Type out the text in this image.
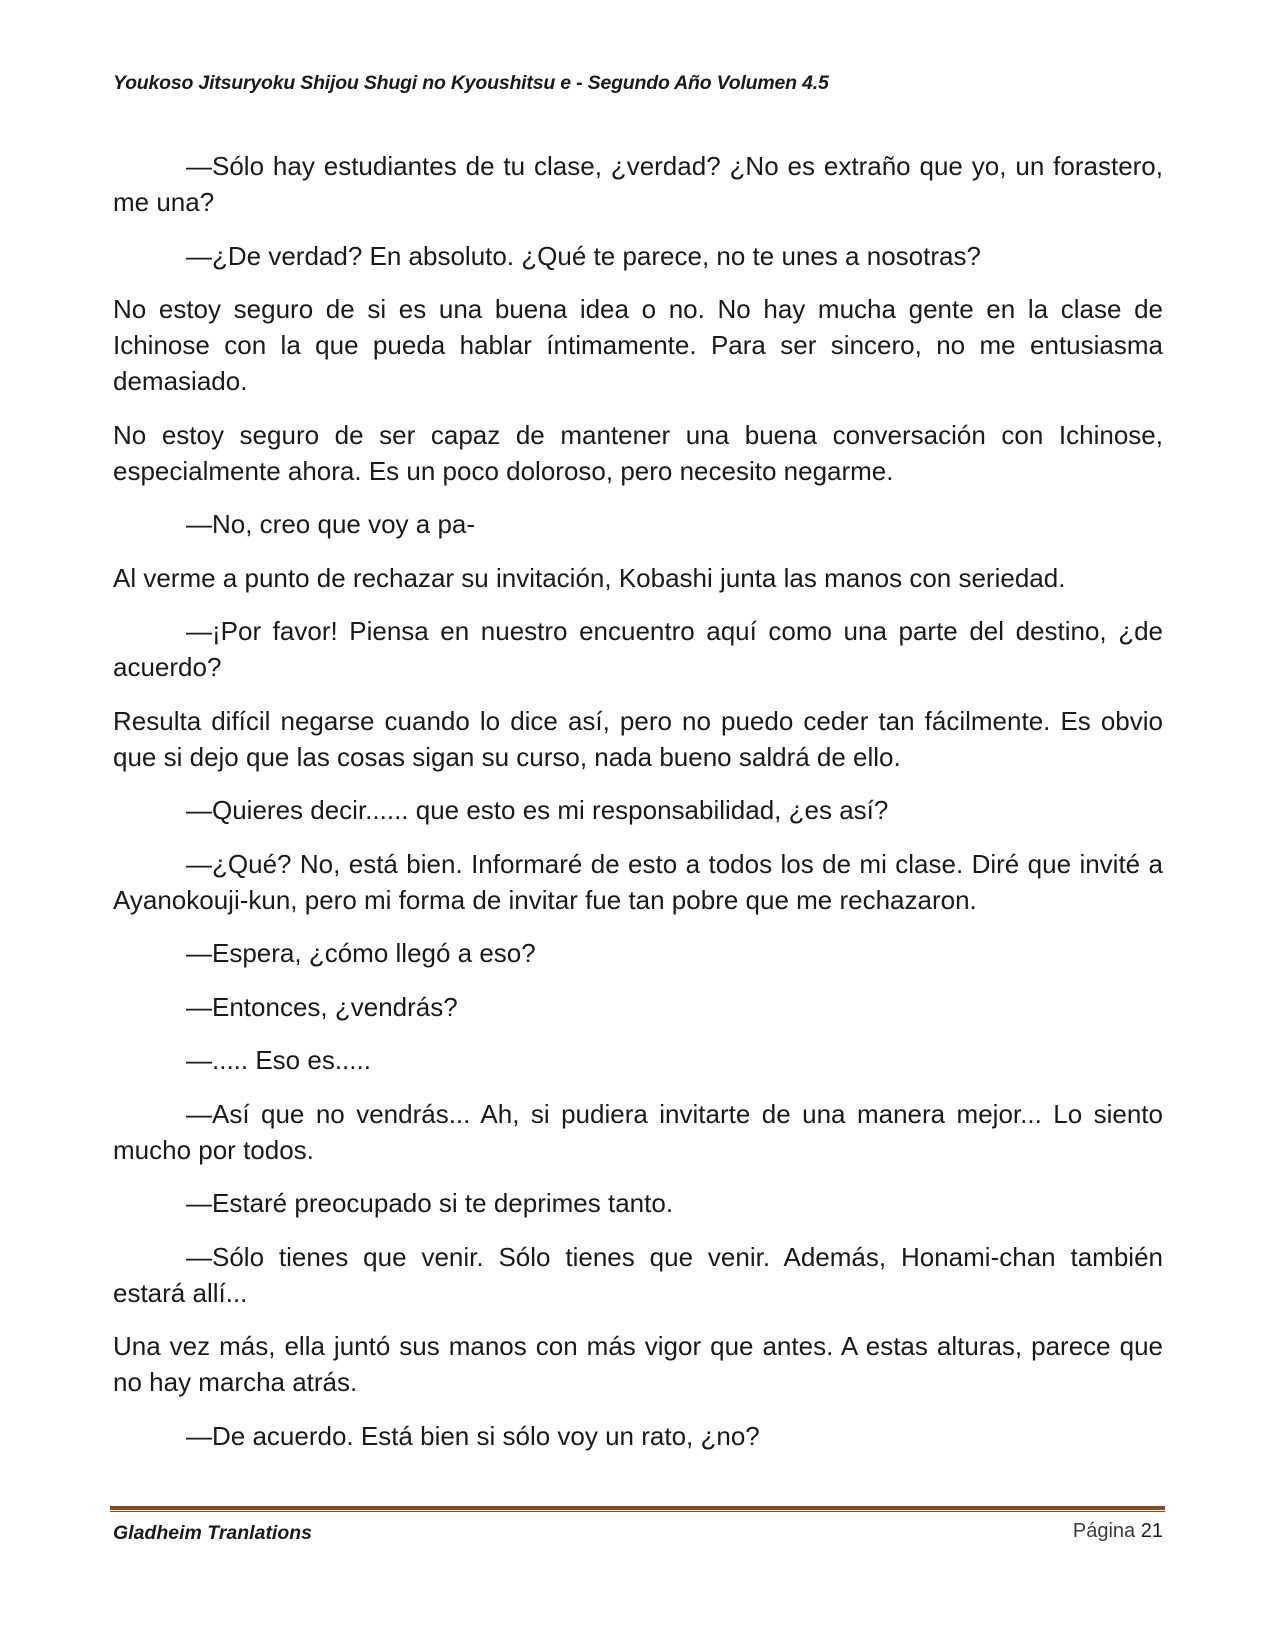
Youkoso Jitsuryoku Shijou Shugi no Kyoushitsu e - Segundo Año Volumen 4.5

—Sólo hay estudiantes de tu clase, ¿verdad? ¿No es extraño que yo, un forastero, me una?

—¿De verdad? En absoluto. ¿Qué te parece, no te unes a nosotras?

No estoy seguro de si es una buena idea o no. No hay mucha gente en la clase de Ichinose con la que pueda hablar íntimamente. Para ser sincero, no me entusiasma demasiado.

No estoy seguro de ser capaz de mantener una buena conversación con Ichinose, especialmente ahora. Es un poco doloroso, pero necesito negarme.

—No, creo que voy a pa-

Al verme a punto de rechazar su invitación, Kobashi junta las manos con seriedad.

—¡Por favor! Piensa en nuestro encuentro aquí como una parte del destino, ¿de acuerdo?

Resulta difícil negarse cuando lo dice así, pero no puedo ceder tan fácilmente. Es obvio que si dejo que las cosas sigan su curso, nada bueno saldrá de ello.

—Quieres decir...... que esto es mi responsabilidad, ¿es así?

—¿Qué? No, está bien. Informaré de esto a todos los de mi clase. Diré que invité a Ayanokouji-kun, pero mi forma de invitar fue tan pobre que me rechazaron.

—Espera, ¿cómo llegó a eso?

—Entonces, ¿vendrás?

—..... Eso es.....

—Así que no vendrás... Ah, si pudiera invitarte de una manera mejor... Lo siento mucho por todos.

—Estaré preocupado si te deprimes tanto.

—Sólo tienes que venir. Sólo tienes que venir. Además, Honami-chan también estará allí...

Una vez más, ella juntó sus manos con más vigor que antes. A estas alturas, parece que no hay marcha atrás.

—De acuerdo. Está bien si sólo voy un rato, ¿no?

Gladheim Tranlations	Página 21
